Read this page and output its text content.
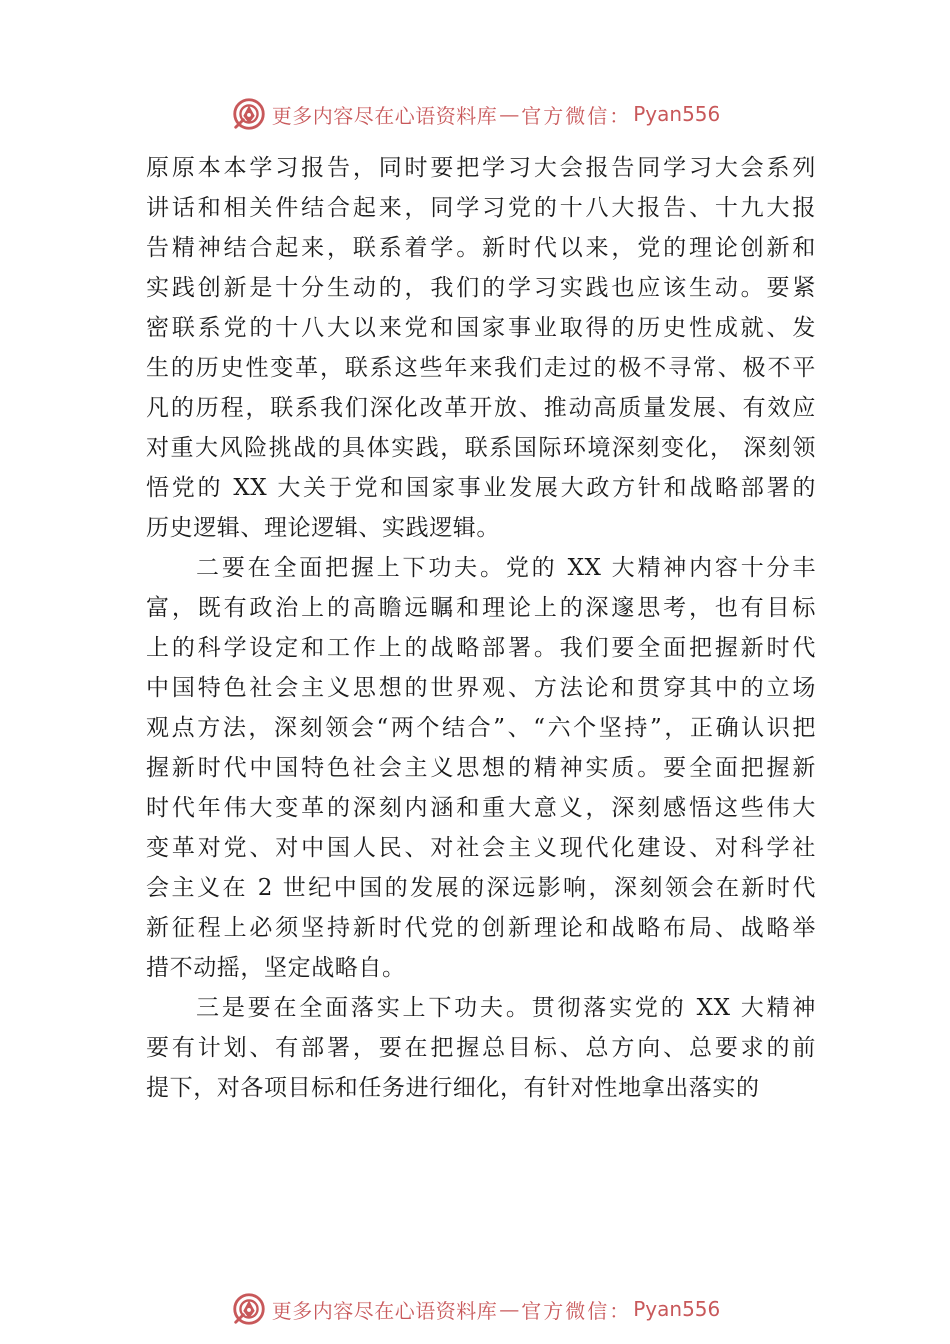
更多内容尽在心语资料库 — 官方微信： Pyan556
原原本本学习报告，同时要把学习大会报告同学习大会系列
讲话和相关件结合起来，同学习党的十八大报告、十九大报
告精神结合起来，联系着学。新时代以来，党的理论创新和
实践创新是十分生动的，我们的学习实践也应该生动。要紧
密联系党的十八大以来党和国家事业取得的历史性成就、发
生的历史性变革，联系这些年来我们走过的极不寻常、极不平
凡的历程，联系我们深化改革开放、推动高质量发展、有效应
对重大风险挑战的具体实践，联系国际环境深刻变化， 深刻领
悟党的 XX 大关于党和国家事业发展大政方针和战略部署的
历史逻辑、理论逻辑、实践逻辑。
二要在全面把握上下功夫。党的 XX 大精神内容十分丰
富，既有政治上的高瞻远瞩和理论上的深邃思考，也有目标
上的科学设定和工作上的战略部署。我们要全面把握新时代
中国特色社会主义思想的世界观、方法论和贯穿其中的立场
观点方法，深刻领会“两个结合”、“六个坚持”，正确认识把
握新时代中国特色社会主义思想的精神实质。要全面把握新
时代年伟大变革的深刻内涵和重大意义，深刻感悟这些伟大
变革对党、对中国人民、对社会主义现代化建设、对科学社
会主义在 2 世纪中国的发展的深远影响，深刻领会在新时代
新征程上必须坚持新时代党的创新理论和战略布局、战略举
措不动摇，坚定战略自。
三是要在全面落实上下功夫。贯彻落实党的 XX 大精神
要有计划、有部署，要在把握总目标、总方向、总要求的前
提下，对各项目标和任务进行细化，有针对性地拿出落实的
更多内容尽在心语资料库 — 官方微信： Pyan556
